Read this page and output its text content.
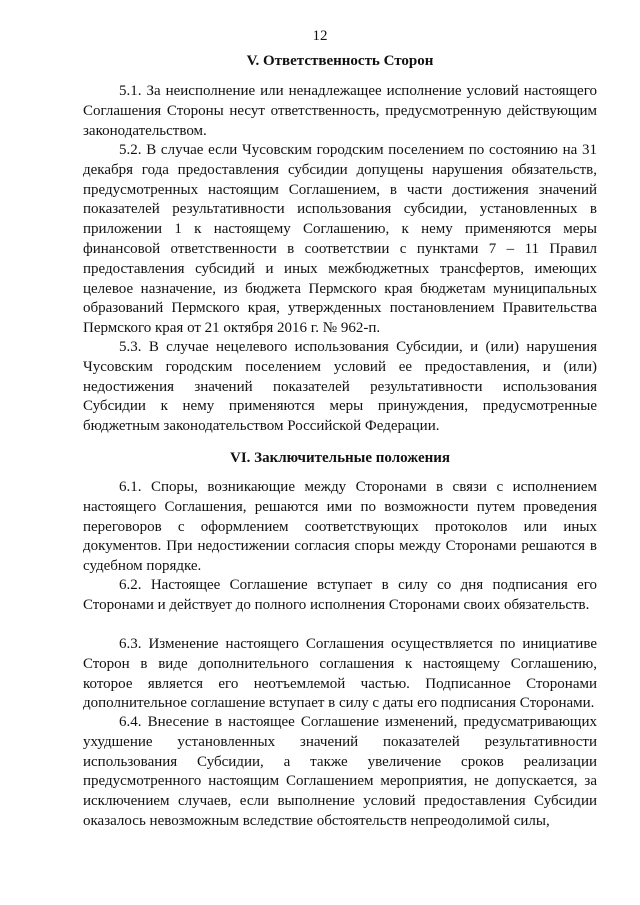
12
V. Ответственность Сторон

5.1. За неисполнение или ненадлежащее исполнение условий настоящего Соглашения Стороны несут ответственность, предусмотренную действующим законодательством.

5.2. В случае если Чусовским городским поселением по состоянию на 31 декабря года предоставления субсидии допущены нарушения обязательств, предусмотренных настоящим Соглашением, в части достижения значений показателей результативности использования субсидии, установленных в приложении 1 к настоящему Соглашению, к нему применяются меры финансовой ответственности в соответствии с пунктами 7 – 11 Правил предоставления субсидий и иных межбюджетных трансфертов, имеющих целевое назначение, из бюджета Пермского края бюджетам муниципальных образований Пермского края, утвержденных постановлением Правительства Пермского края от 21 октября 2016 г. № 962-п.

5.3. В случае нецелевого использования Субсидии, и (или) нарушения Чусовским городским поселением условий ее предоставления, и (или) недостижения значений показателей результативности использования Субсидии к нему применяются меры принуждения, предусмотренные бюджетным законодательством Российской Федерации.

VI. Заключительные положения

6.1. Споры, возникающие между Сторонами в связи с исполнением настоящего Соглашения, решаются ими по возможности путем проведения переговоров с оформлением соответствующих протоколов или иных документов. При недостижении согласия споры между Сторонами решаются в судебном порядке.

6.2. Настоящее Соглашение вступает в силу со дня подписания его Сторонами и действует до полного исполнения Сторонами своих обязательств.

6.3. Изменение настоящего Соглашения осуществляется по инициативе Сторон в виде дополнительного соглашения к настоящему Соглашению, которое является его неотъемлемой частью. Подписанное Сторонами дополнительное соглашение вступает в силу с даты его подписания Сторонами.

6.4. Внесение в настоящее Соглашение изменений, предусматривающих ухудшение установленных значений показателей результативности использования Субсидии, а также увеличение сроков реализации предусмотренного настоящим Соглашением мероприятия, не допускается, за исключением случаев, если выполнение условий предоставления Субсидии оказалось невозможным вследствие обстоятельств непреодолимой силы,
